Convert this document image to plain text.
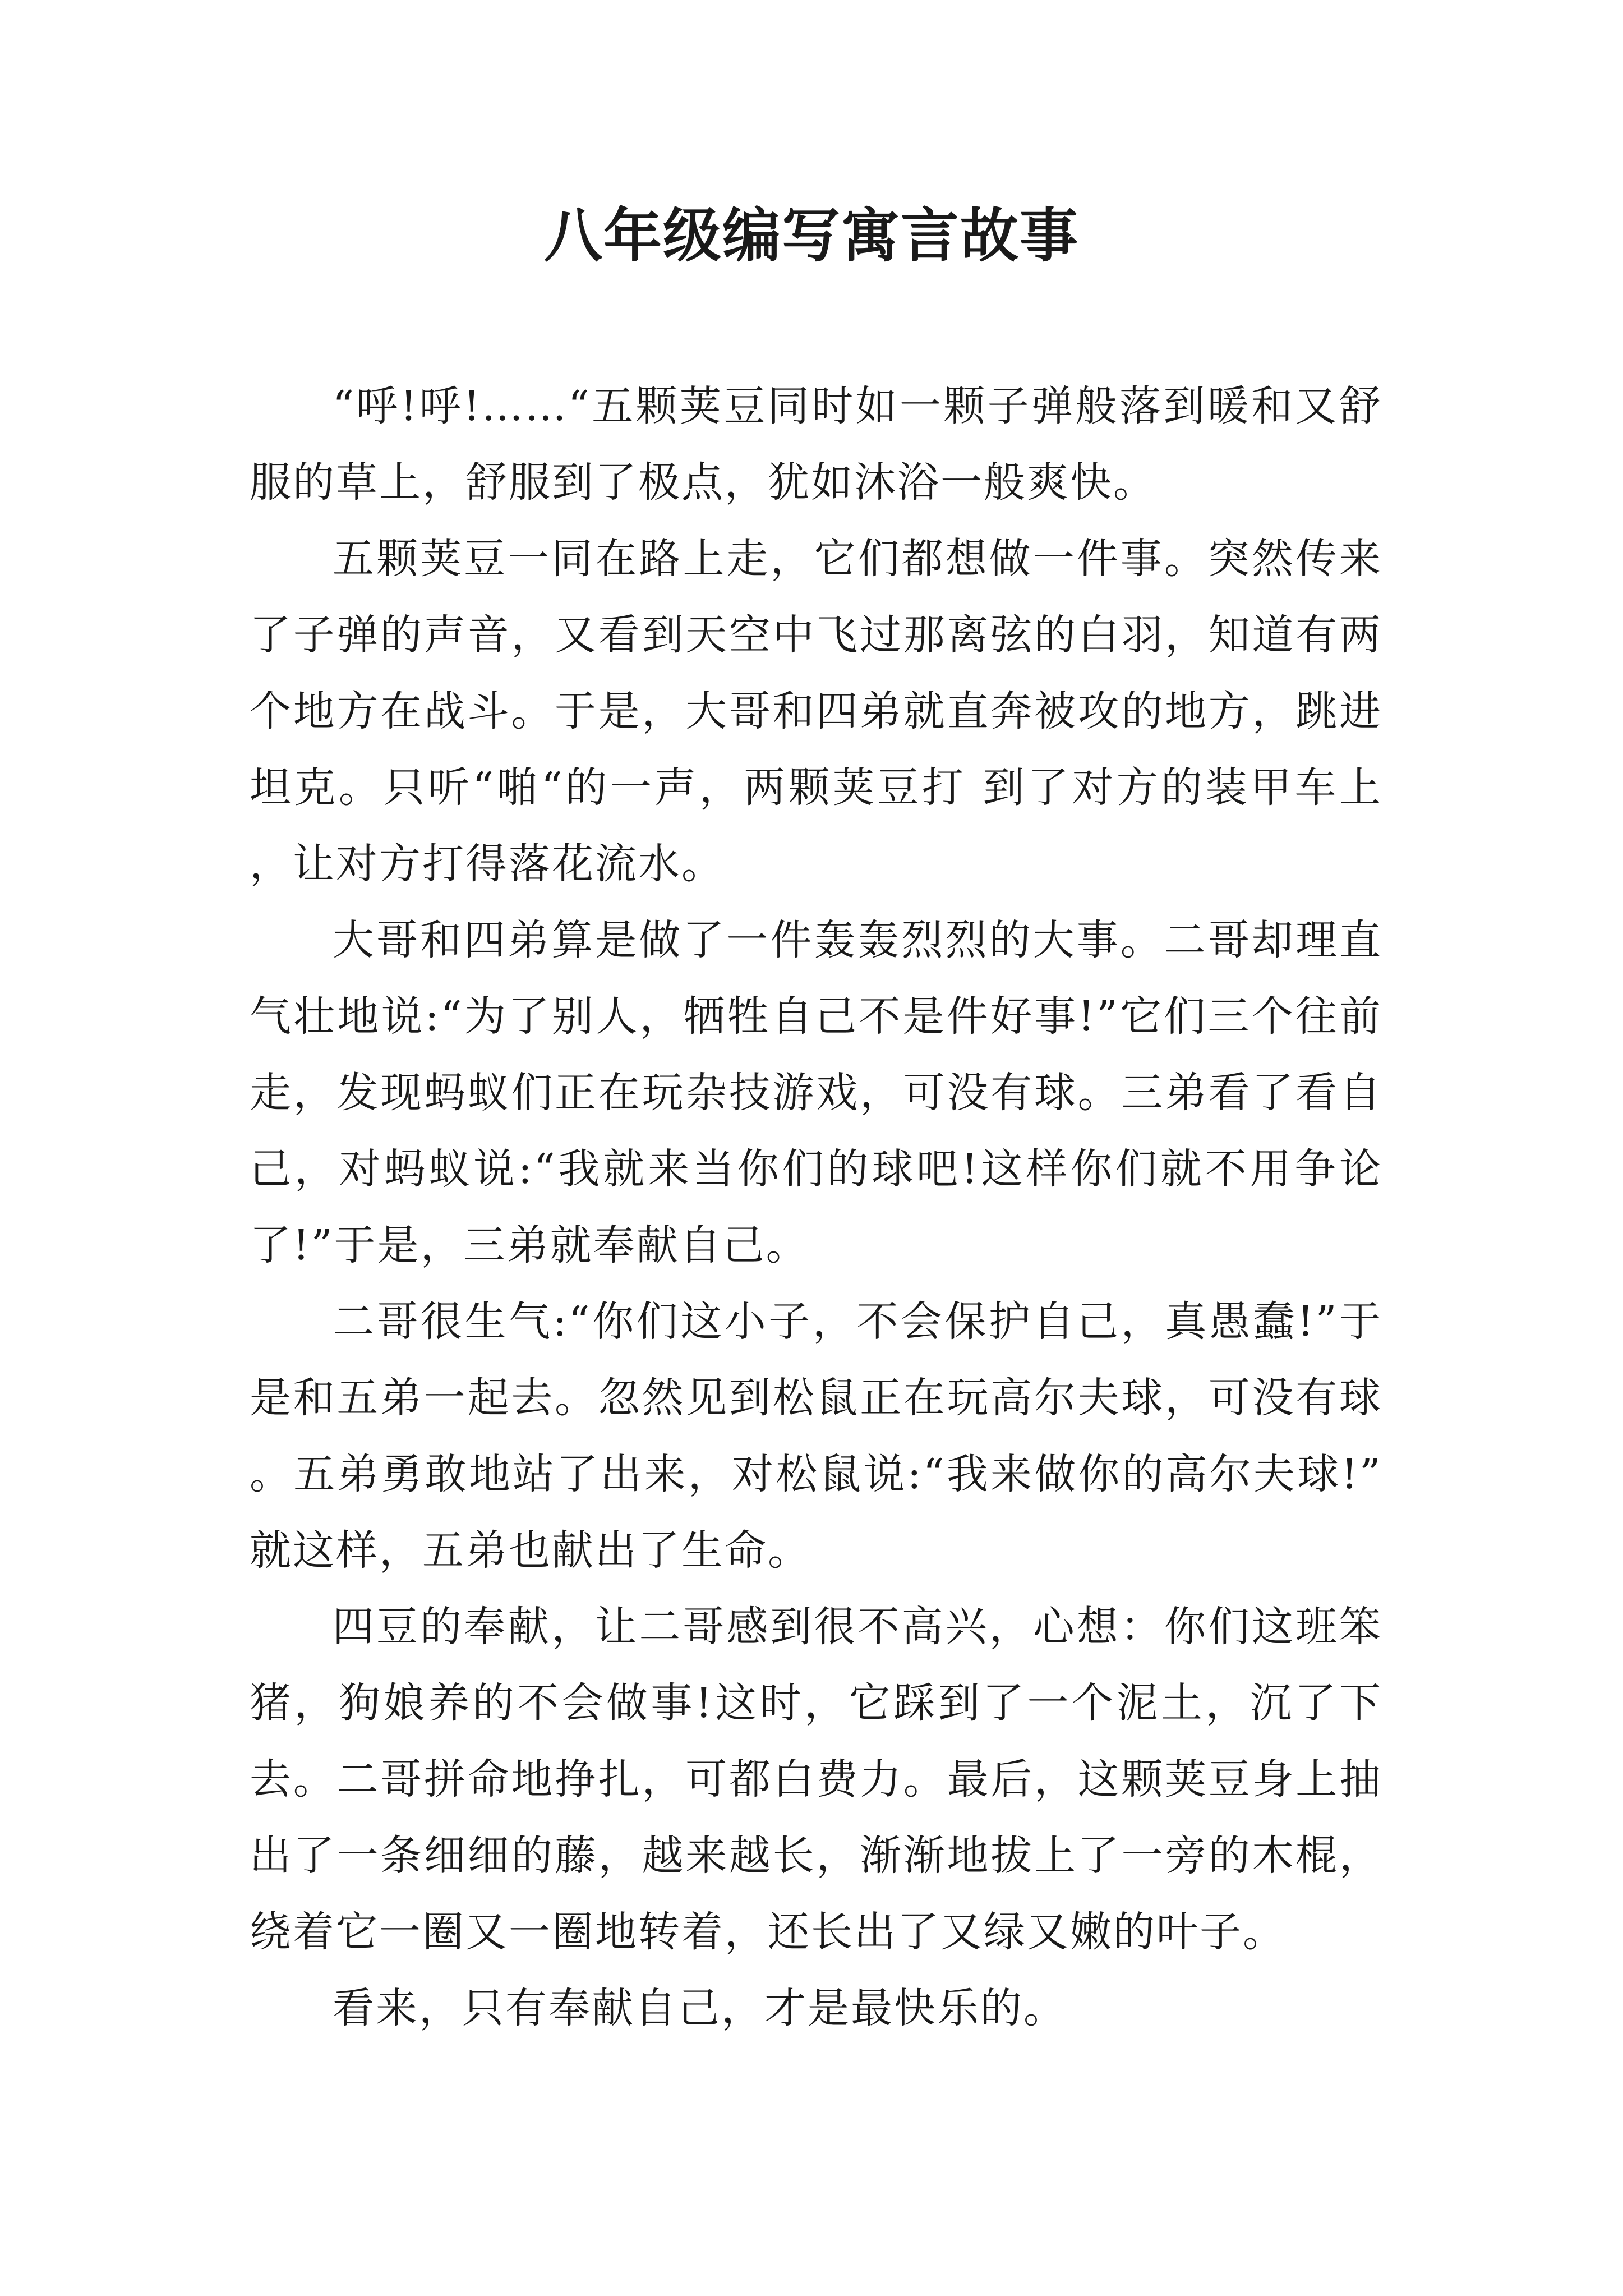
八年级编写寓言故事

“呼!呼!……“五颗荚豆同时如一颗子弹般落到暖和又舒服的草上，舒服到了极点，犹如沐浴一般爽快。

五颗荚豆一同在路上走，它们都想做一件事。突然传来了子弹的声音，又看到天空中飞过那离弦的白羽，知道有两个地方在战斗。于是，大哥和四弟就直奔被攻的地方，跳进坦克。只听“啪“的一声，两颗荚豆打 到了对方的装甲车上，让对方打得落花流水。

大哥和四弟算是做了一件轰轰烈烈的大事。二哥却理直气壮地说:“为了别人，牺牲自己不是件好事!”它们三个往前走，发现蚂蚁们正在玩杂技游戏，可没有球。三弟看了看自己，对蚂蚁说:“我就来当你们的球吧!这样你们就不用争论了!”于是，三弟就奉献自己。

二哥很生气:“你们这小子，不会保护自己，真愚蠢!”于是和五弟一起去。忽然见到松鼠正在玩高尔夫球，可没有球。五弟勇敢地站了出来，对松鼠说:“我来做你的高尔夫球!”就这样，五弟也献出了生命。

四豆的奉献，让二哥感到很不高兴，心想：你们这班笨猪，狗娘养的不会做事!这时，它踩到了一个泥土，沉了下去。二哥拼命地挣扎，可都白费力。最后，这颗荚豆身上抽出了一条细细的藤，越来越长，渐渐地拔上了一旁的木棍，绕着它一圈又一圈地转着，还长出了又绿又嫩的叶子。

看来，只有奉献自己，才是最快乐的。
